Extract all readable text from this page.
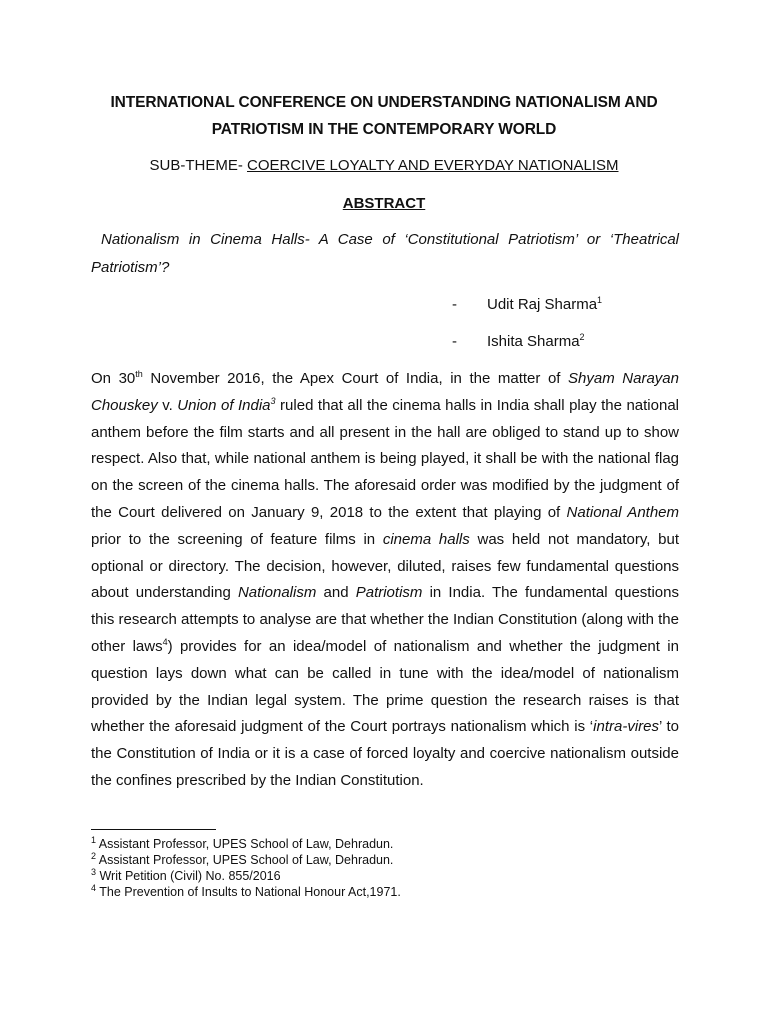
INTERNATIONAL CONFERENCE ON UNDERSTANDING NATIONALISM AND
PATRIOTISM IN THE CONTEMPORARY WORLD
SUB-THEME- COERCIVE LOYALTY AND EVERYDAY NATIONALISM
ABSTRACT
Nationalism in Cinema Halls- A Case of ‘Constitutional Patriotism’ or ‘Theatrical Patriotism’?
- Udit Raj Sharma$^1$
- Ishita Sharma$^2$

On 30th November 2016, the Apex Court of India, in the matter of Shyam Narayan Chouskey v. Union of India$^3$ ruled that all the cinema halls in India shall play the national anthem before the film starts and all present in the hall are obliged to stand up to show respect. Also that, while national anthem is being played, it shall be with the national flag on the screen of the cinema halls. The aforesaid order was modified by the judgment of the Court delivered on January 9, 2018 to the extent that playing of National Anthem prior to the screening of feature films in cinema halls was held not mandatory, but optional or directory. The decision, however, diluted, raises few fundamental questions about understanding Nationalism and Patriotism in India. The fundamental questions this research attempts to analyse are that whether the Indian Constitution (along with the other laws$^4$) provides for an idea/model of nationalism and whether the judgment in question lays down what can be called in tune with the idea/model of nationalism provided by the Indian legal system. The prime question the research raises is that whether the aforesaid judgment of the Court portrays nationalism which is ‘intra-vires’ to the Constitution of India or it is a case of forced loyalty and coercive nationalism outside the confines prescribed by the Indian Constitution.

$^1$ Assistant Professor, UPES School of Law, Dehradun.
$^2$ Assistant Professor, UPES School of Law, Dehradun.
$^3$ Writ Petition (Civil) No. 855/2016
$^4$ The Prevention of Insults to National Honour Act,1971.
